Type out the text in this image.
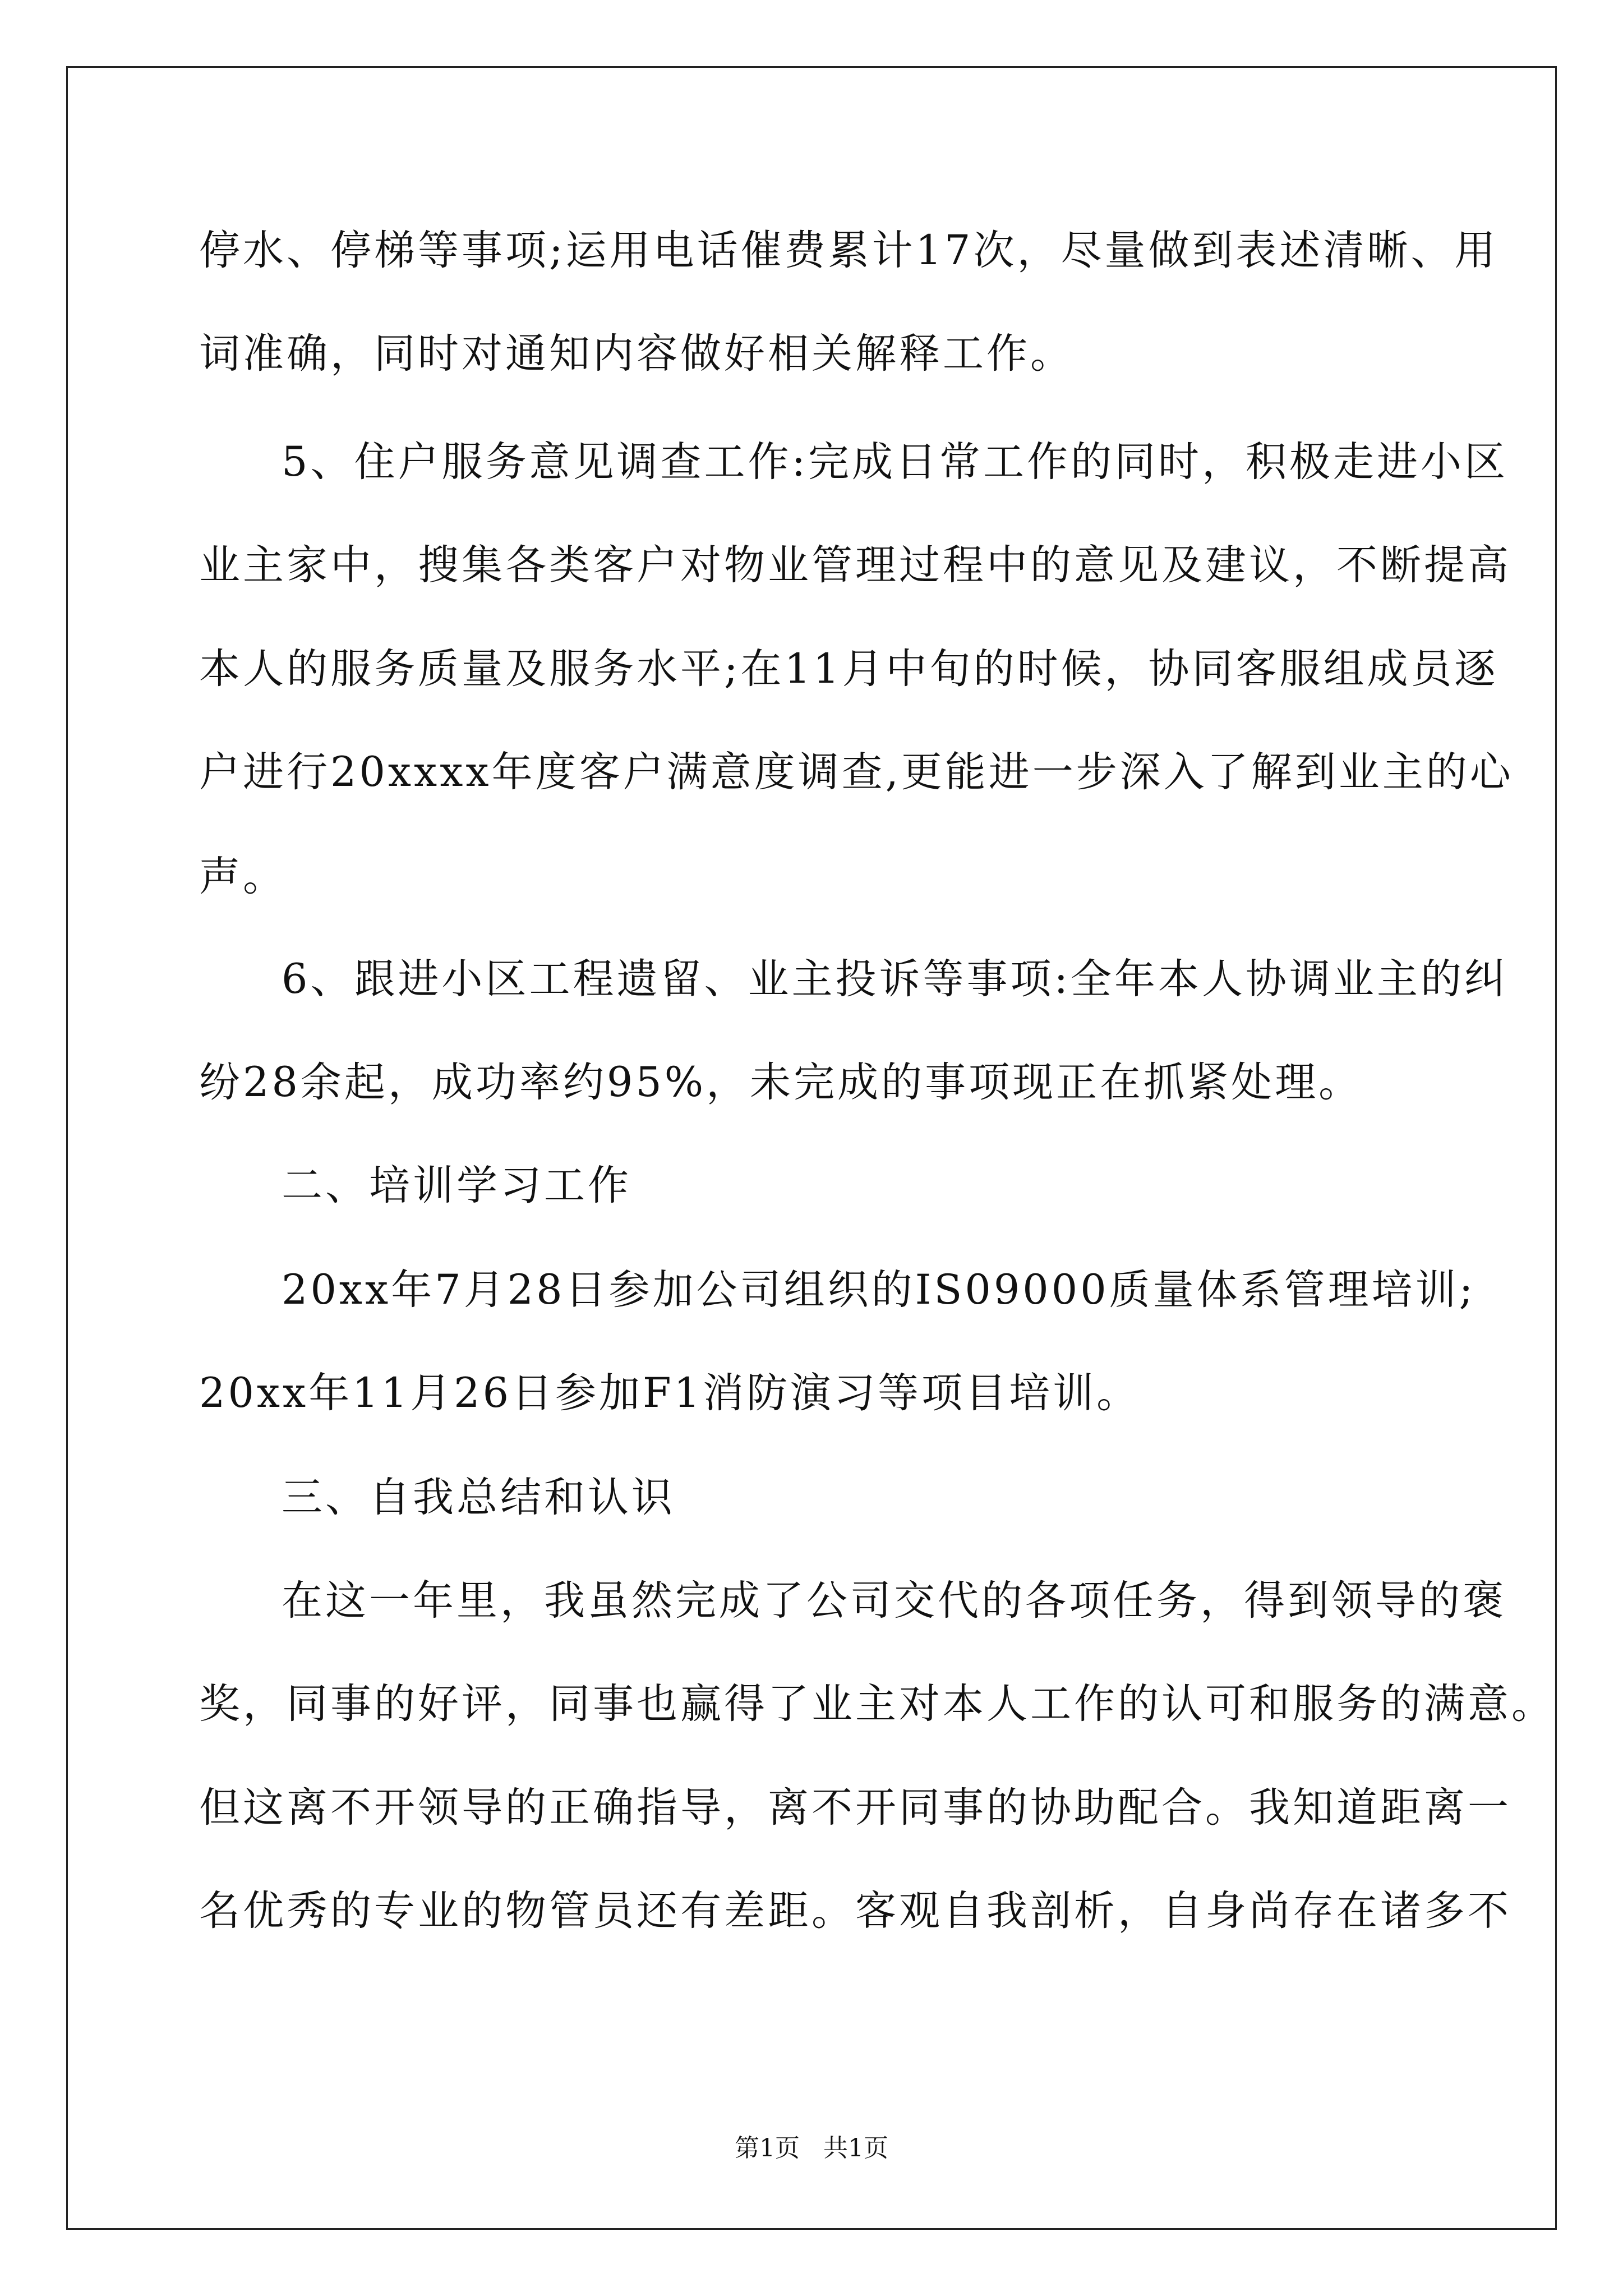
停水、停梯等事项;运用电话催费累计17次，尽量做到表述清晰、用
词准确，同时对通知内容做好相关解释工作。
5、住户服务意见调查工作:完成日常工作的同时，积极走进小区
业主家中，搜集各类客户对物业管理过程中的意见及建议，不断提高
本人的服务质量及服务水平;在11月中旬的时候，协同客服组成员逐
户进行20xxxx年度客户满意度调查,更能进一步深入了解到业主的心
声。
6、跟进小区工程遗留、业主投诉等事项:全年本人协调业主的纠
纷28余起，成功率约95%，未完成的事项现正在抓紧处理。
二、培训学习工作
20xx年7月28日参加公司组织的IS09000质量体系管理培训;
20xx年11月26日参加F1消防演习等项目培训。
三、自我总结和认识
在这一年里，我虽然完成了公司交代的各项任务，得到领导的褒
奖，同事的好评，同事也赢得了业主对本人工作的认可和服务的满意。
但这离不开领导的正确指导，离不开同事的协助配合。我知道距离一
名优秀的专业的物管员还有差距。客观自我剖析，自身尚存在诸多不
第1页   共1页
